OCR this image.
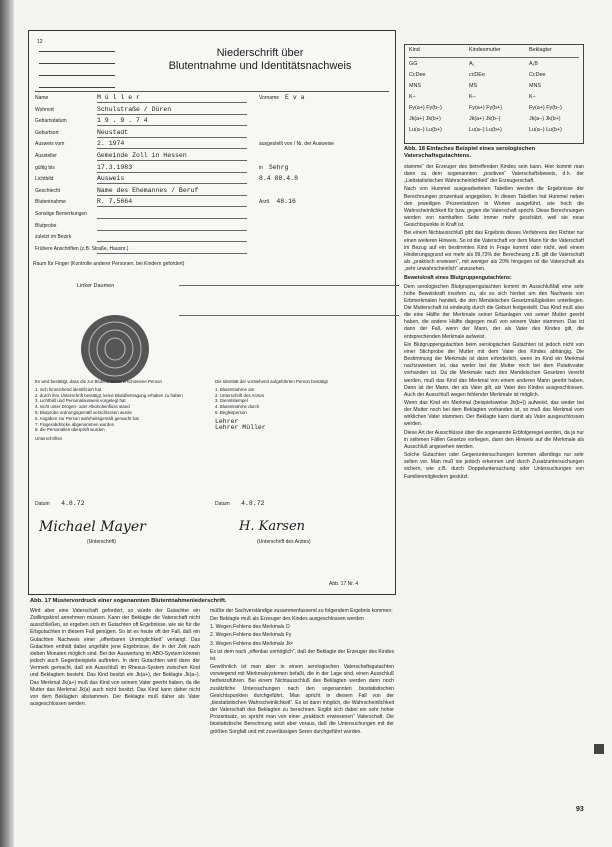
12
Niederschrift über
Blutentnahme und Identitätsnachweis
Name	M ü l l e r	Vorname E v a
Wohnort	Schulstraße / Düren
Geburtsdatum	1 9 . 9 . 7 4
Geburtsort	Neustadt
Ausweis vom	2. 1974	ausgestellt von / Nr. der Ausweise
Aussteller	Gemeinde Zoll in Hessen
gültig bis	17.3.1983	in Sehrg
Lichtbild	Ausweis	8.4 88.4.8
Geschlecht	Name des Ehemannes / Beruf
Blutentnahme	R. 7.5664	Arztl. 48.16
Sonstige Bemerkungen
Blutprobe
zuletzt im Bezirk
Frühere Anschriften (z.B. Straße, Hausnr.)
Raum für Finger (Kontrolle anderer Personen, bei Kindern gefordert)
Linker Daumen
Es wird bestätigt, dass die zur Blutentnahme erschienene Person
1. sich hinreichend identifiziert hat
2. durch ihre Unterschrift bestätigt, keine Blutübertragung erhalten zu haben
3. Lichtbild und Personalausweis vorgelegt hat
4. nicht unter Drogen- oder Alkoholeinfluss stand
5. Blutprobe ordnungsgemäß verschlossen wurde
6. Angaben zur Person wahrheitsgemäß gemacht hat
7. Fingerabdrücke abgenommen wurden
8. die Personalien überprüft wurden
Unterschriften
Die Identität der vorstehend aufgeführten Person bestätigt
1. Blutentnahme am
2. Unterschrift des Arztes
3. Dienststempel
4. Blutentnahme durch
5. Begleitperson
Lehrer
Lehrer Müller
Datum 4.8.72	Datum 4.8.72
Michael Mayer
(Unterschrift)
H. Karsen
(Unterschrift des Arztes)
Abb. 17 Nr. 4
Abb. 17 Mustervordruck einer sogenannten Blutentnahmeniederschrift.
Kind	Kindesmutter	Beklagter
GG	A₁	A₁B
CcDee	ccDEe	CcDee
MNS	MS	MNS
K–	K–	K–
Fy(a+) Fy(b–)	Fy(a+) Fy(b+)	Fy(a+) Fy(b–)
Jk(a+) Jk(b+)	Jk(a+) Jk(b–)	Jk(a–) Jk(b+)
Lu(a–) Lu(b+)	Lu(a–) Lu(b+)	Lu(a–) Lu(b+)
Abb. 18 Einfaches Beispiel eines serologischen Vaterschaftsgutachtens.

stamme“ der Erzeuger des betreffenden Kindes sein kann. Hier kommt man dann zu dem sogenannten „positiven“ Vaterschaftsbeweis, d.h. der „Liebstatistischen Wahrscheinlichkeit“ der Erzeugerschaft.

Nach von Hummel ausgearbeiteten Tabellen werden die Ergebnisse der Berechnungen prozentual angegeben. In diesen Tabellen hat Hummel neben den jeweiligen Prozentsätzen in Worten ausgeführt, wie hoch die Wahrscheinlichkeit für bzw. gegen die Vaterschaft spricht. Diese Berechnungen werden von namhaften Seite immer mehr geschätzt, weil sie neue Gesichtspunkte in Kraft ist.

Bei einem Nichtausschluß gibt das Ergebnis dieses Verfahrens den Richter nur einen weiteren Hinweis. So ist die Vaterschaft vor dem Mann für die Vaterschaft im Bezug auf ein bestimmtes Kind in Frage kommt oder nicht, weil einem Hinderungsgrund vor mehr als 99,73% der Berechnung z.B. gilt die Vaterschaft als „praktisch erwiesen“, mit weniger als 20% hingegen ist die Vaterschaft als „sehr unwahrscheinlich“ anzusehen.

Beweiskraft eines Blutgruppengutachtens:

Dem serologischen Blutgruppengutachten kommt im Ausschlußfall eine sehr hohe Beweiskraft insofern zu, als es sich hierbei um den Nachweis von Erbmerkmalen handelt, die den Mendelschen Gesetzmäßigkeiten unterliegen. Die Mutterschaft ist eindeutig durch die Geburt festgestellt. Das Kind muß also die eine Hälfte der Merkmale seiner Erbanlagen von seiner Mutter geerbt haben, die andere Hälfte dagegen muß von seinem Vater stammen. Das ist dann der Fall, wenn der Mann, der als Vater des Kindes gilt, die entsprechenden Merkmale aufweist.

Ein Blutgruppengutachten beim serologischen Gutachten ist jedoch nicht von einer Stichprobe der Mutter mit dem Vater des Kindes abhängig. Die Bestimmung der Merkmale ist dann erforderlich, wenn im Kind ein Merkmal nachzuweisen ist, das weder bei der Mutter noch bei dem Putativvater vorhanden ist. Da die Merkmale nach den Mendelschen Gesetzen vererbt werden, muß das Kind das Merkmal von einem anderen Mann geerbt haben. Dann ist der Mann, der als Vater gilt, als Vater des Kindes ausgeschlossen. Auch der Ausschluß wegen fehlender Merkmale ist möglich.

Wenn das Kind ein Merkmal (beispielsweise Jk(b+)) aufweist, das weder bei der Mutter noch bei dem Beklagten vorhanden ist, so muß das Merkmal vom wirklichen Vater stammen. Der Beklagte kann damit als Vater ausgeschlossen werden.

Diese Art der Ausschlüsse über die sogenannte Erbfolgeregel werden, da ja nur in seltenen Fällen Gesetze vorliegen, dann den Hinweis auf die Merkmale als Ausschluß angesehen werden.

Solche Gutachten oder Gegenuntersuchungen kommen allerdings nur sehr selten vor. Man muß sie jedoch erkennen und durch Zusatzuntersuchungen sichern, wie z.B. durch Doppeluntersuchung oder Untersuchungen von Familienmitgliedern gestützt.

Wird aber eine Vaterschaft gefordert, so würde der Gutachter ein Zwillingskind annehmen müssen. Kann der Beklagte die Vaterschaft nicht ausschließen, so ergeben sich im Gutachten oft Ergebnisse, wie sie für die Erbgutachten in diesem Fall genügen. So ist es heute oft der Fall, daß ein Gutachten Nachweis einer „offenbaren Unmöglichkeit“ verlangt. Das Gutachten enthält dabei ungefähr jene Ergebnisse, die in der Zeit nach sieben Monaten möglich sind. Bei der Auswertung im ABO-System können jedoch auch Gegenbeispiele auftreten. In dem Gutachten wird dann der Vermerk gemacht, daß ein Ausschluß im Rhesus-System zwischen Kind und Beklagtem besteht. Das Kind besitzt ein Jk(a+), der Beklagte Jk(a–). Das Merkmal Jk(a+) muß das Kind von seinem Vater geerbt haben, da die Mutter das Merkmal Jk(a) auch nicht besitzt. Das Kind kann daher nicht von dem Beklagten abstammen. Der Beklagte muß daher als Vater ausgeschlossen werden.

müßte der Sachverständige zusammenfassend zu folgendem Ergebnis kommen:

Der Beklagte muß als Erzeuger des Kindes ausgeschlossen werden

1. Wegen Fehlens des Merkmals O

2. Wegen Fehlens des Merkmals Fy

3. Wegen Fehlens des Merkmals Jkᵇ

Es ist dem nach „offenbar unmöglich“, daß der Beklagte der Erzeuger des Kindes ist.

Gewöhnlich ist man aber in einem serologischen Vaterschaftsgutachten vorwiegend mit Merkmalsystemen befaßt, die in der Lage sind, einen Ausschluß herbeizuführen. Bei einem Nichtausschluß des Beklagten werden dann noch zusätzliche Untersuchungen nach den sogenannten biostatistischen Gesichtspunkten durchgeführt. Man spricht in diesem Fall von der „biostatistischen Wahrscheinlichkeit“. Es ist dann möglich, die Wahrscheinlichkeit der Vaterschaft des Beklagten zu berechnen. Ergibt sich dabei ein sehr hoher Prozentsatz, so spricht man von einer „praktisch erwiesenen“ Vaterschaft. Die biostatistische Berechnung setzt aber voraus, daß die Untersuchungen mit der größten Sorgfalt und mit zuverlässigen Seren durchgeführt wurden.

93
